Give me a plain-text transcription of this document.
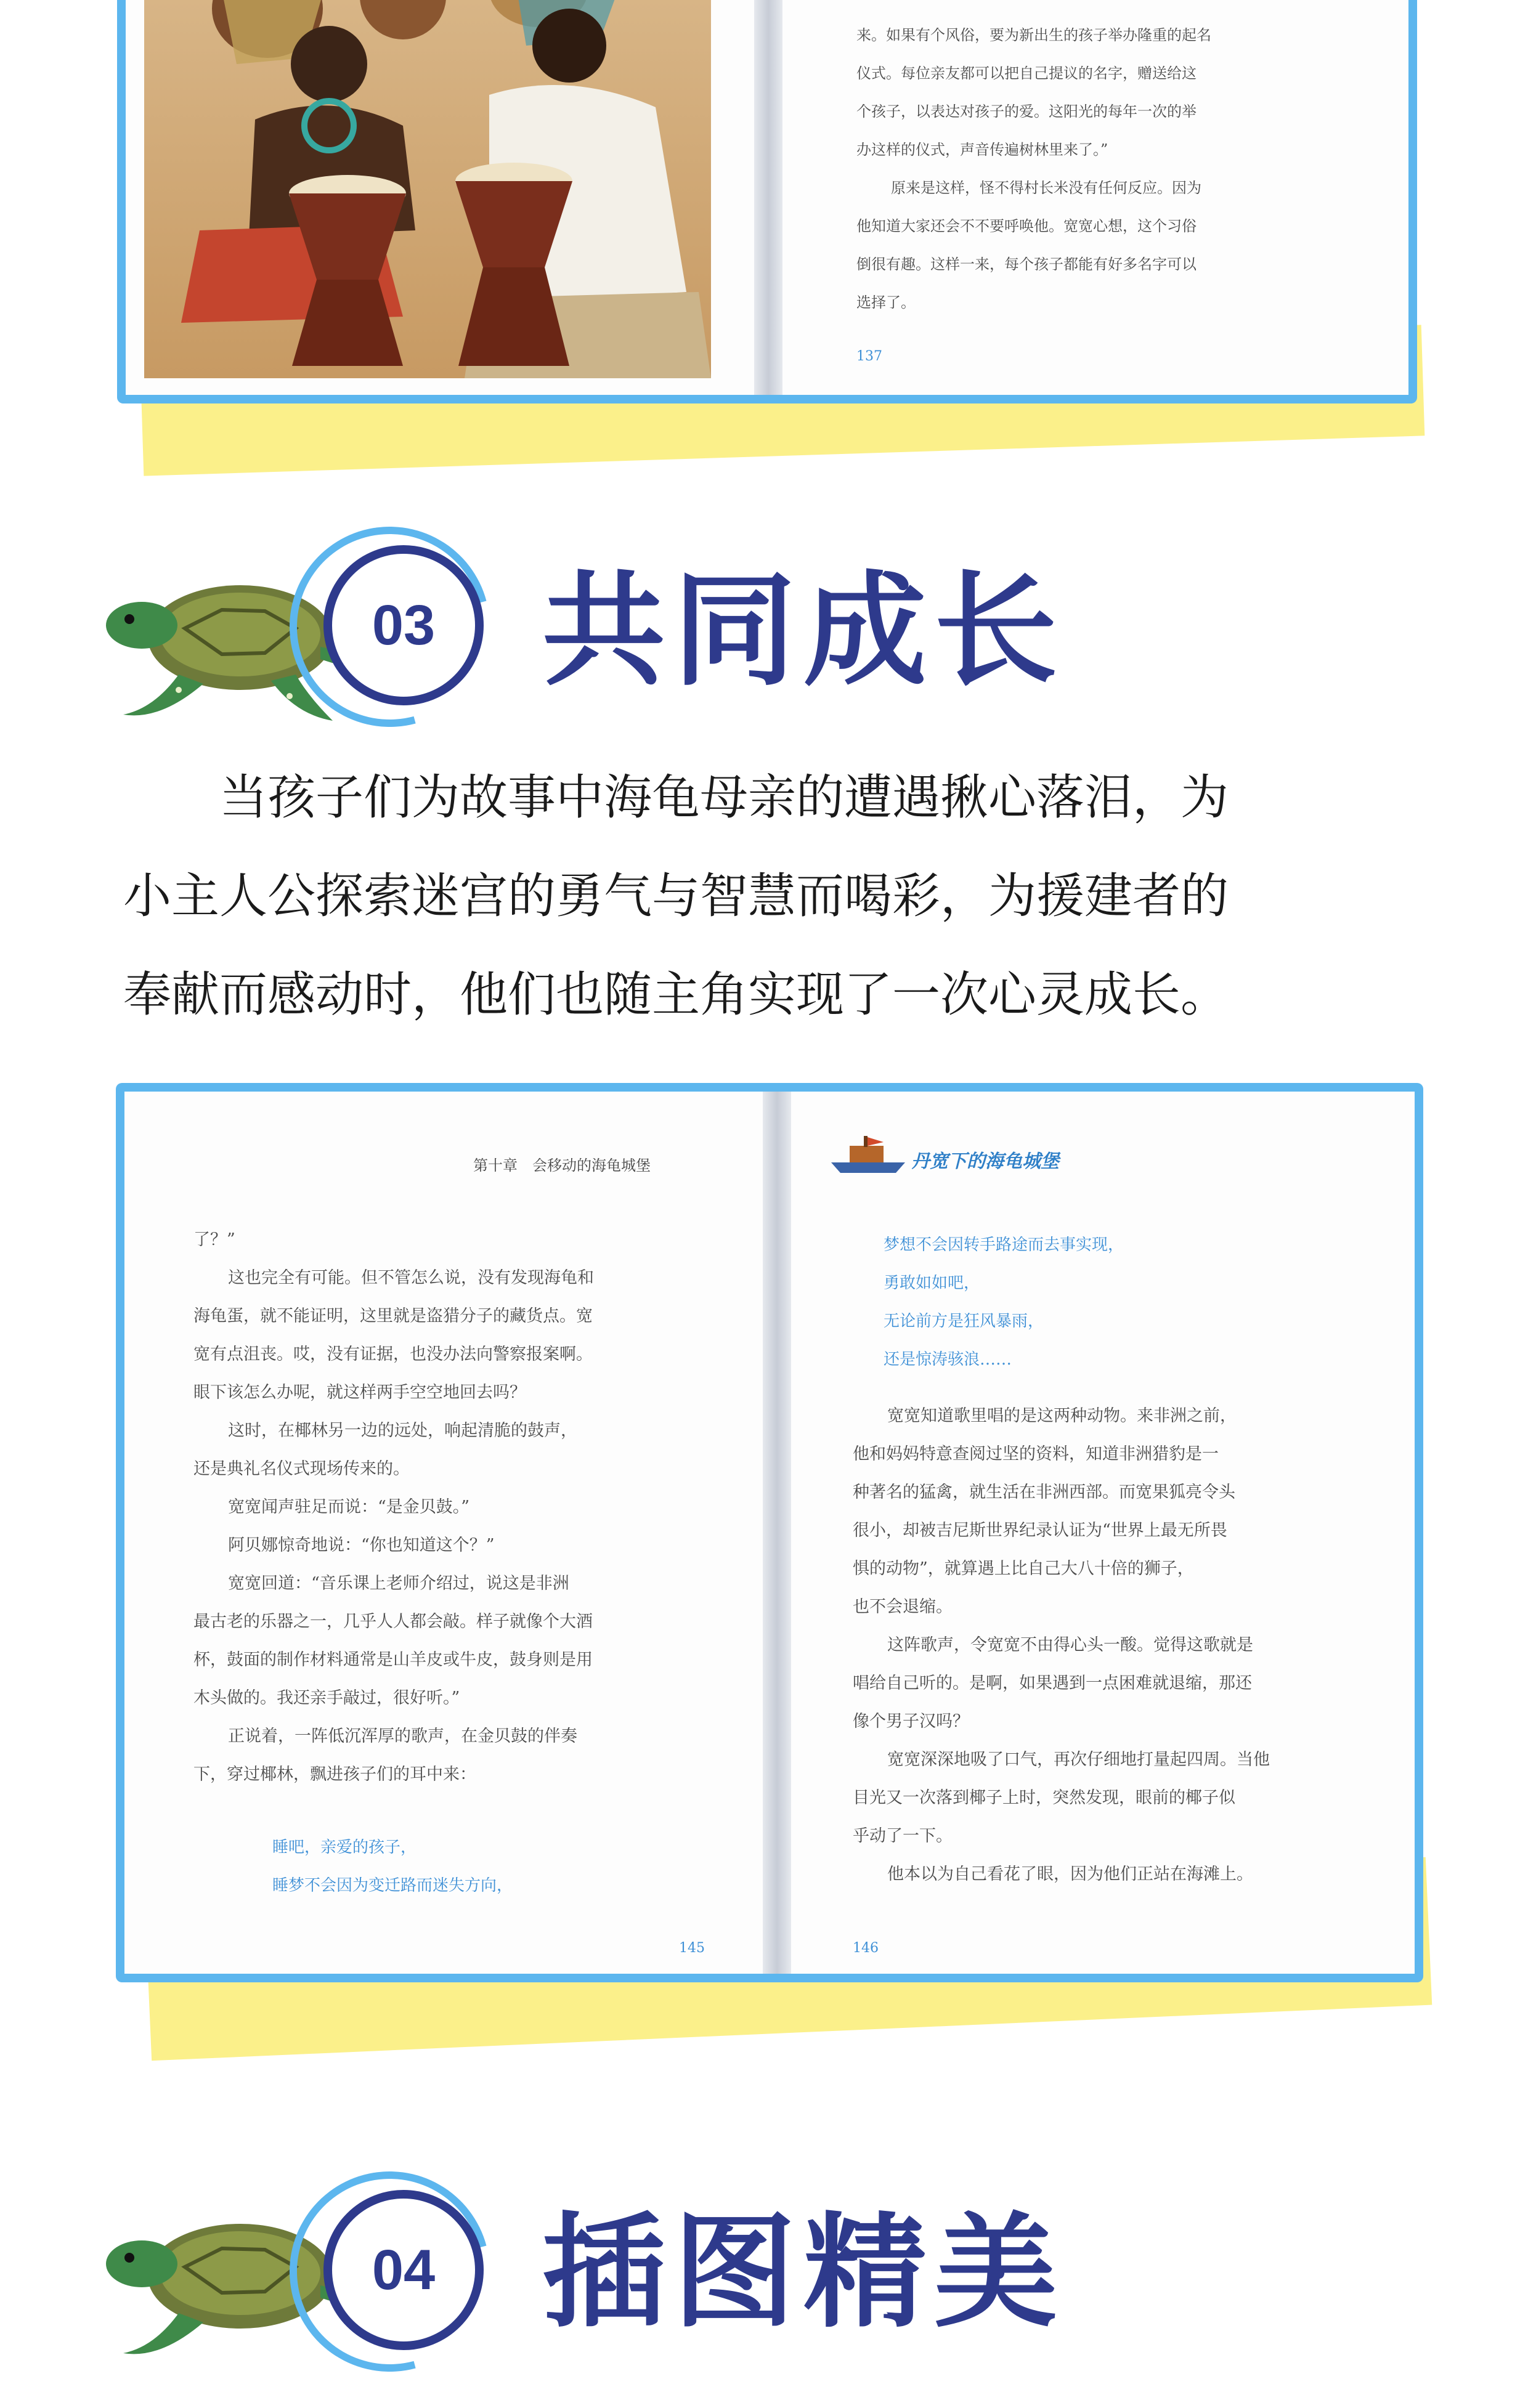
来。如果有个风俗，要为新出生的孩子举办隆重的起名

仪式。每位亲友都可以把自己提议的名字，赠送给这

个孩子，以表达对孩子的爱。这阳光的每年一次的举

办这样的仪式，声音传遍树林里来了。”

原来是这样，怪不得村长米没有任何反应。因为

他知道大家还会不不要呼唤他。宽宽心想，这个习俗

倒很有趣。这样一来，每个孩子都能有好多名字可以

选择了。

137
03 共同成长
当孩子们为故事中海龟母亲的遭遇揪心落泪，为
小主人公探索迷宫的勇气与智慧而喝彩，为援建者的
奉献而感动时，他们也随主角实现了一次心灵成长。
第十章　会移动的海龟城堡

了？”

这也完全有可能。但不管怎么说，没有发现海龟和

海龟蛋，就不能证明，这里就是盗猎分子的藏货点。宽

宽有点沮丧。哎，没有证据，也没办法向警察报案啊。

眼下该怎么办呢，就这样两手空空地回去吗？

这时，在椰林另一边的远处，响起清脆的鼓声，

还是典礼名仪式现场传来的。

宽宽闻声驻足而说：“是金贝鼓。”

阿贝娜惊奇地说：“你也知道这个？”

宽宽回道：“音乐课上老师介绍过，说这是非洲

最古老的乐器之一，几乎人人都会敲。样子就像个大酒

杯，鼓面的制作材料通常是山羊皮或牛皮，鼓身则是用

木头做的。我还亲手敲过，很好听。”

正说着，一阵低沉浑厚的歌声，在金贝鼓的伴奏

下，穿过椰林，飘进孩子们的耳中来：

睡吧，亲爱的孩子，

睡梦不会因为变迁路而迷失方向，

145
丹宽下的海龟城堡

梦想不会因转手路途而去事实现，

勇敢如如吧，

无论前方是狂风暴雨，

还是惊涛骇浪……

宽宽知道歌里唱的是这两种动物。来非洲之前，

他和妈妈特意查阅过坚的资料，知道非洲猎豹是一

种著名的猛禽，就生活在非洲西部。而宽果狐亮令头

很小，却被吉尼斯世界纪录认证为“世界上最无所畏

惧的动物”，就算遇上比自己大八十倍的狮子，

也不会退缩。

这阵歌声，令宽宽不由得心头一酸。觉得这歌就是

唱给自己听的。是啊，如果遇到一点困难就退缩，那还

像个男子汉吗？

宽宽深深地吸了口气，再次仔细地打量起四周。当他

目光又一次落到椰子上时，突然发现，眼前的椰子似

乎动了一下。

他本以为自己看花了眼，因为他们正站在海滩上。

146
04 插图精美
